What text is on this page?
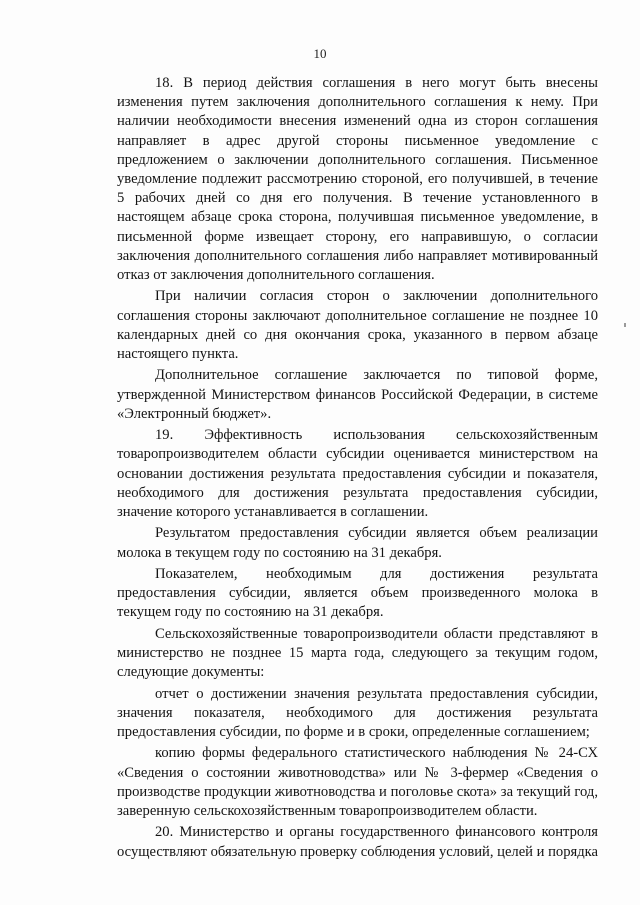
10

18. В период действия соглашения в него могут быть внесены изменения путем заключения дополнительного соглашения к нему. При наличии необходимости внесения изменений одна из сторон соглашения направляет в адрес другой стороны письменное уведомление с предложением о заключении дополнительного соглашения. Письменное уведомление подлежит рассмотрению стороной, его получившей, в течение 5 рабочих дней со дня его получения. В течение установленного в настоящем абзаце срока сторона, получившая письменное уведомление, в письменной форме извещает сторону, его направившую, о согласии заключения дополнительного соглашения либо направляет мотивированный отказ от заключения дополнительного соглашения.

При наличии согласия сторон о заключении дополнительного соглашения стороны заключают дополнительное соглашение не позднее 10 календарных дней со дня окончания срока, указанного в первом абзаце настоящего пункта.

Дополнительное соглашение заключается по типовой форме, утвержденной Министерством финансов Российской Федерации, в системе «Электронный бюджет».

19. Эффективность использования сельскохозяйственным товаропроизводителем области субсидии оценивается министерством на основании достижения результата предоставления субсидии и показателя, необходимого для достижения результата предоставления субсидии, значение которого устанавливается в соглашении.

Результатом предоставления субсидии является объем реализации молока в текущем году по состоянию на 31 декабря.

Показателем, необходимым для достижения результата предоставления субсидии, является объем произведенного молока в текущем году по состоянию на 31 декабря.

Сельскохозяйственные товаропроизводители области представляют в министерство не позднее 15 марта года, следующего за текущим годом, следующие документы:

отчет о достижении значения результата предоставления субсидии, значения показателя, необходимого для достижения результата предоставления субсидии, по форме и в сроки, определенные соглашением;

копию формы федерального статистического наблюдения № 24-СХ «Сведения о состоянии животноводства» или № 3-фермер «Сведения о производстве продукции животноводства и поголовье скота» за текущий год, заверенную сельскохозяйственным товаропроизводителем области.

20. Министерство и органы государственного финансового контроля осуществляют обязательную проверку соблюдения условий, целей и порядка
